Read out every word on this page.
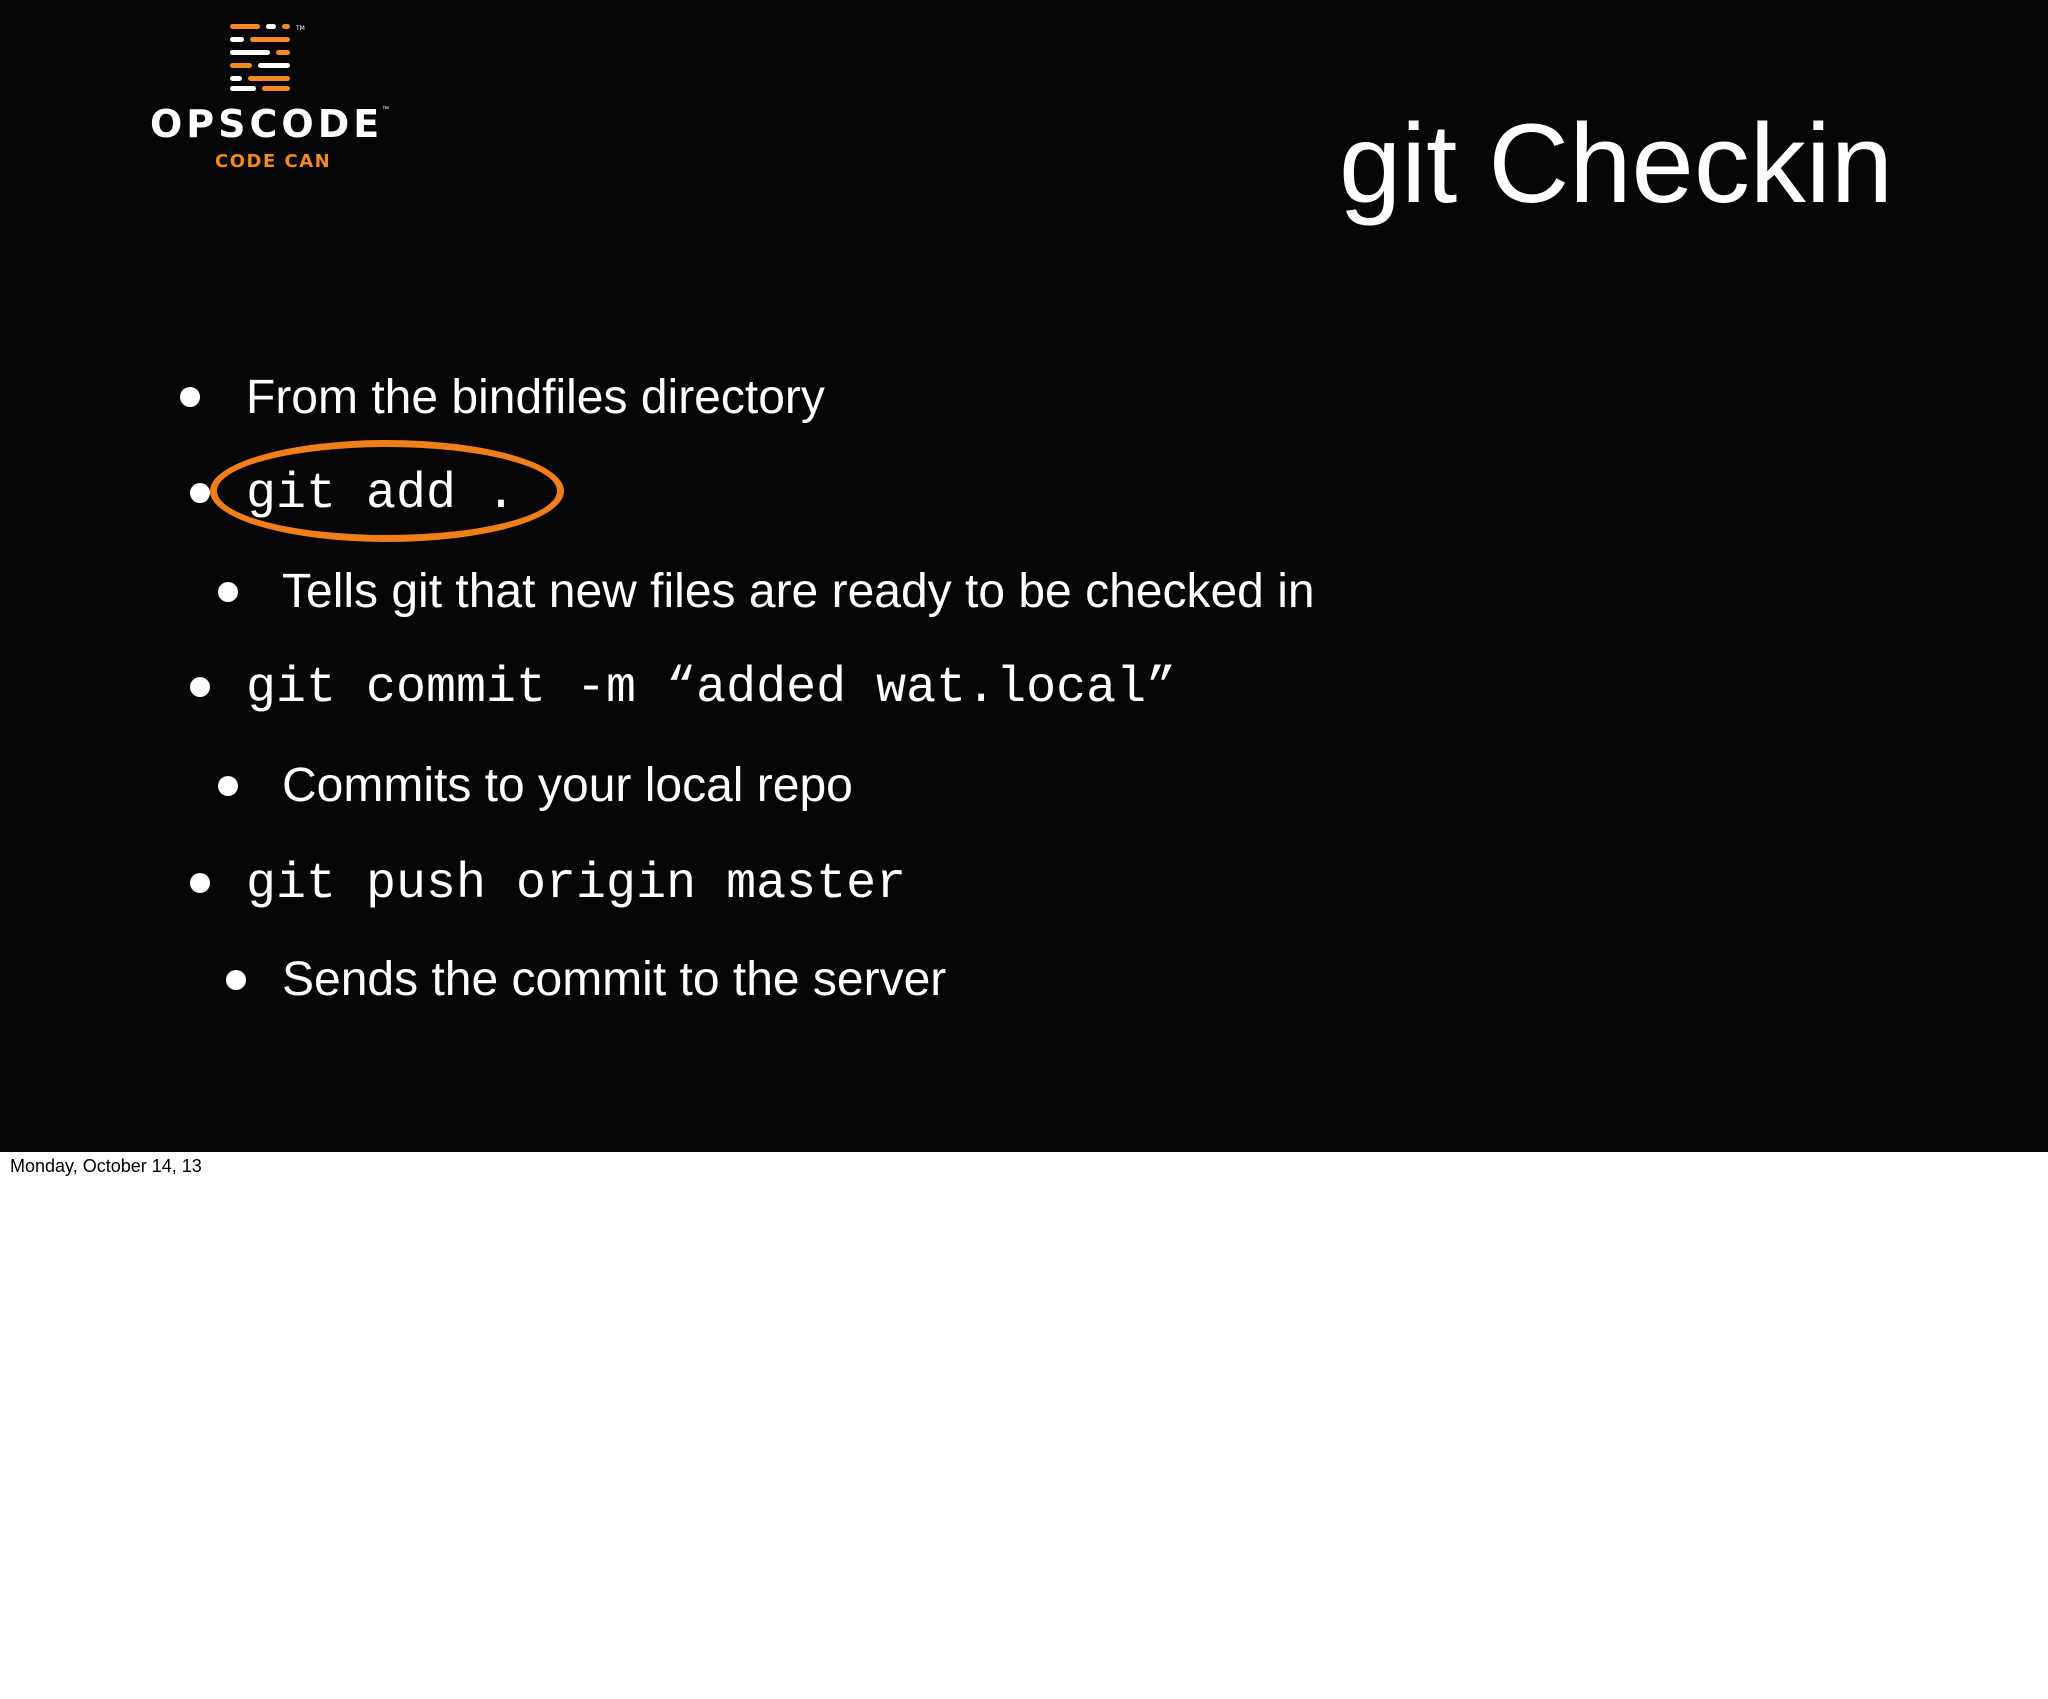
TM
OPSCODE
™
CODE CAN	git Checkin
From the bindfiles directory
git add .
Tells git that new files are ready to be checked in
git commit -m “added wat.local”
Commits to your local repo
git push origin master
Sends the commit to the server
Monday, October 14, 13
